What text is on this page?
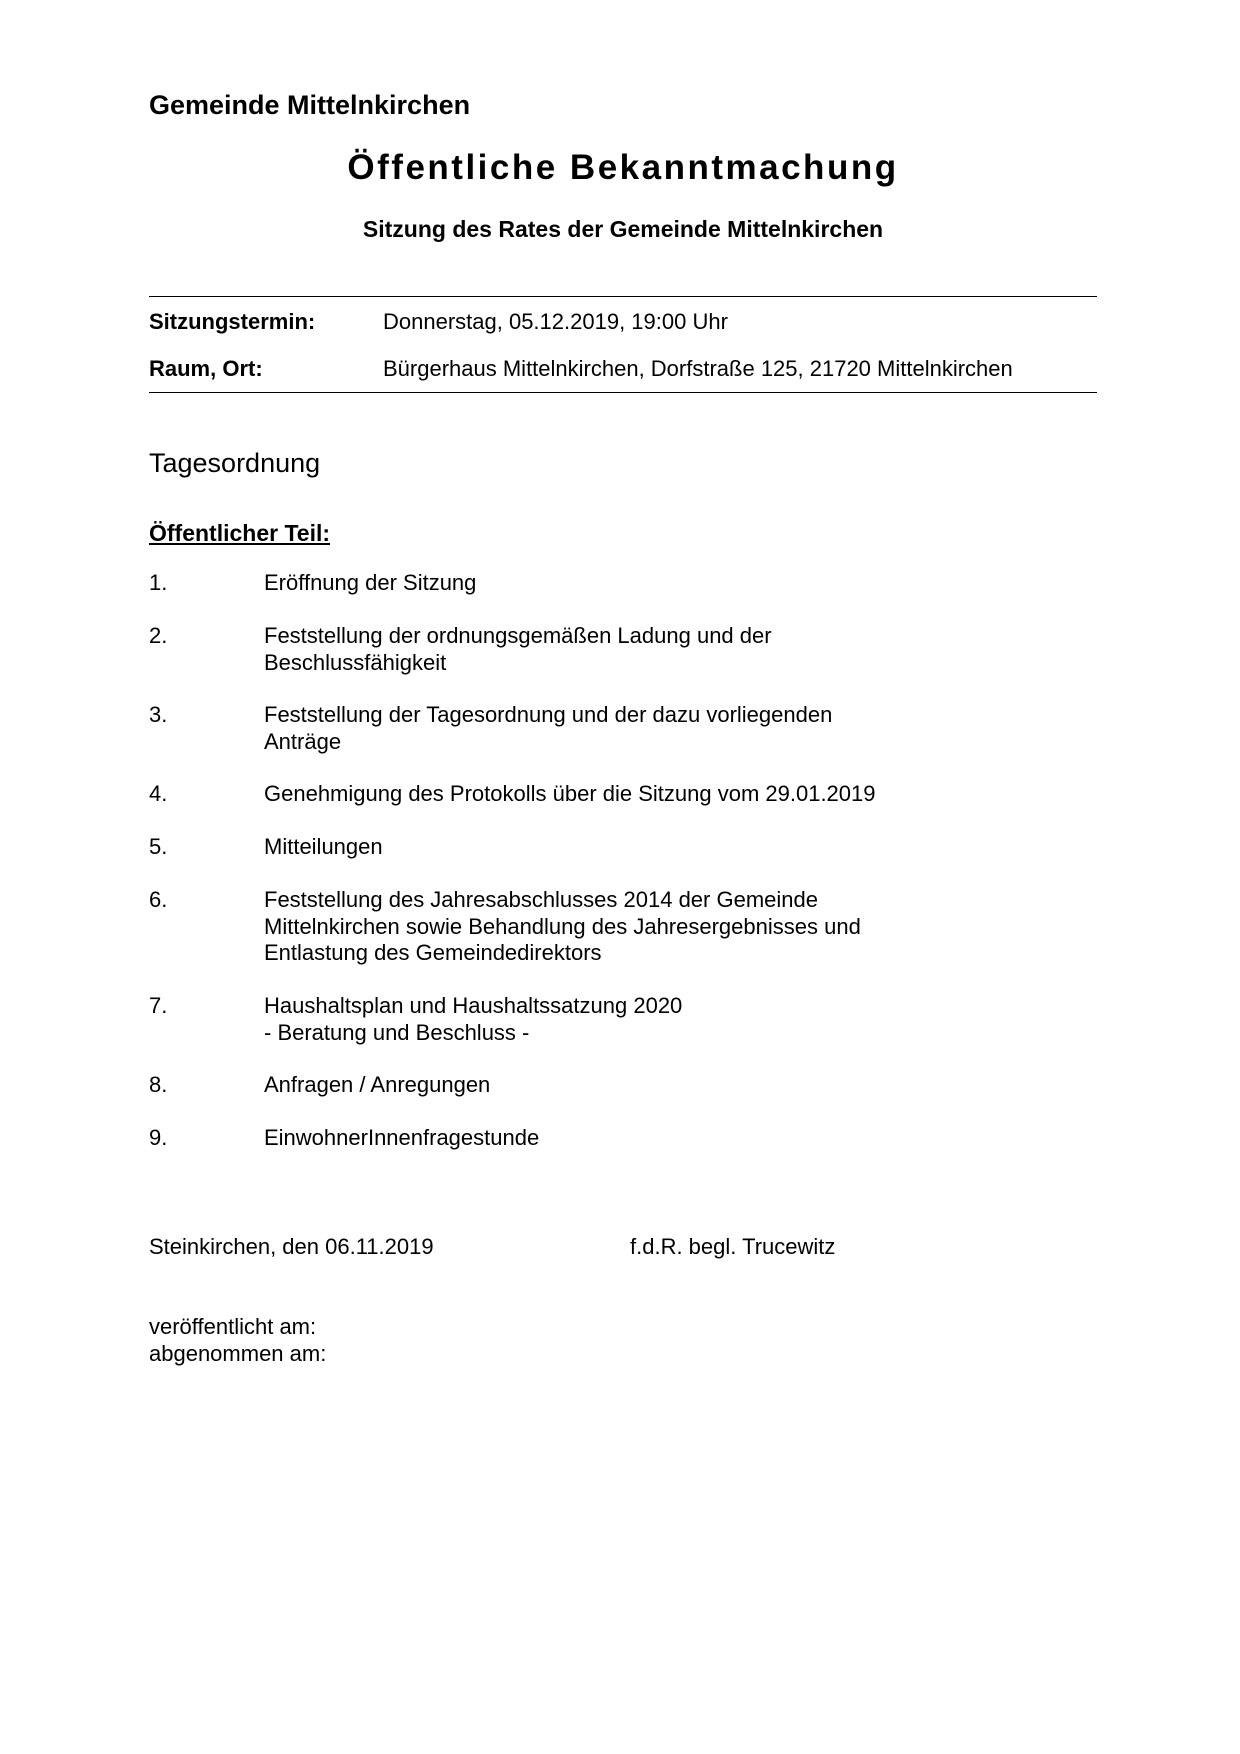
Gemeinde Mittelnkirchen
Öffentliche Bekanntmachung
Sitzung des Rates der Gemeinde Mittelnkirchen
Sitzungstermin:	Donnerstag, 05.12.2019, 19:00 Uhr
Raum, Ort:	Bürgerhaus Mittelnkirchen, Dorfstraße 125, 21720 Mittelnkirchen
Tagesordnung
Öffentlicher Teil:
1.	Eröffnung der Sitzung
2.	Feststellung der ordnungsgemäßen Ladung und der
Beschlussfähigkeit
3.	Feststellung der Tagesordnung und der dazu vorliegenden
Anträge
4.	Genehmigung des Protokolls über die Sitzung vom 29.01.2019
5.	Mitteilungen
6.	Feststellung des Jahresabschlusses 2014 der Gemeinde
Mittelnkirchen sowie Behandlung des Jahresergebnisses und
Entlastung des Gemeindedirektors
7.	Haushaltsplan und Haushaltssatzung 2020
- Beratung und Beschluss -
8.	Anfragen / Anregungen
9.	EinwohnerInnenfragestunde
Steinkirchen, den 06.11.2019	f.d.R. begl. Trucewitz
veröffentlicht am:
abgenommen am:
